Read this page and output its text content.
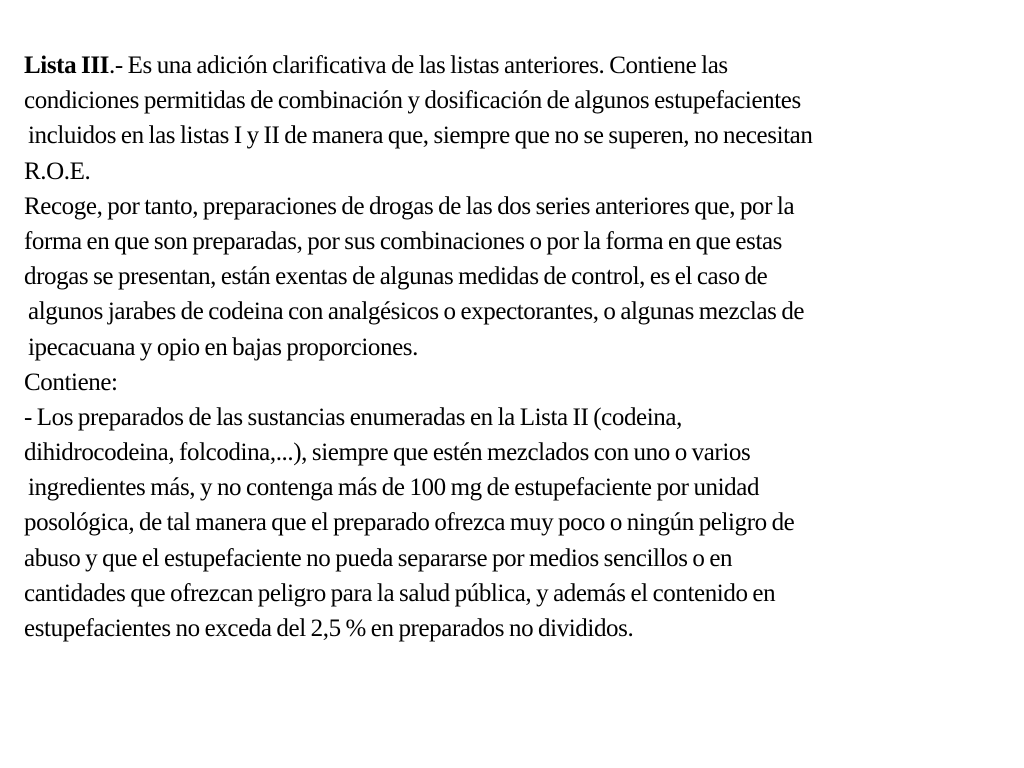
Lista III.- Es una adición clarificativa de las listas anteriores. Contiene las
condiciones permitidas de combinación y dosificación de algunos estupefacientes
incluidos en las listas I y II de manera que, siempre que no se superen, no necesitan
R.O.E.
Recoge, por tanto, preparaciones de drogas de las dos series anteriores que, por la
forma en que son preparadas, por sus combinaciones o por la forma en que estas
drogas se presentan, están exentas de algunas medidas de control, es el caso de
algunos jarabes de codeina con analgésicos o expectorantes, o algunas mezclas de
ipecacuana y opio en bajas proporciones.
Contiene:
- Los preparados de las sustancias enumeradas en la Lista II (codeina,
dihidrocodeina, folcodina,...), siempre que estén mezclados con uno o varios
ingredientes más, y no contenga más de 100 mg de estupefaciente por unidad
posológica, de tal manera que el preparado ofrezca muy poco o ningún peligro de
abuso y que el estupefaciente no pueda separarse por medios sencillos o en
cantidades que ofrezcan peligro para la salud pública, y además el contenido en
estupefacientes no exceda del 2,5 % en preparados no divididos.
